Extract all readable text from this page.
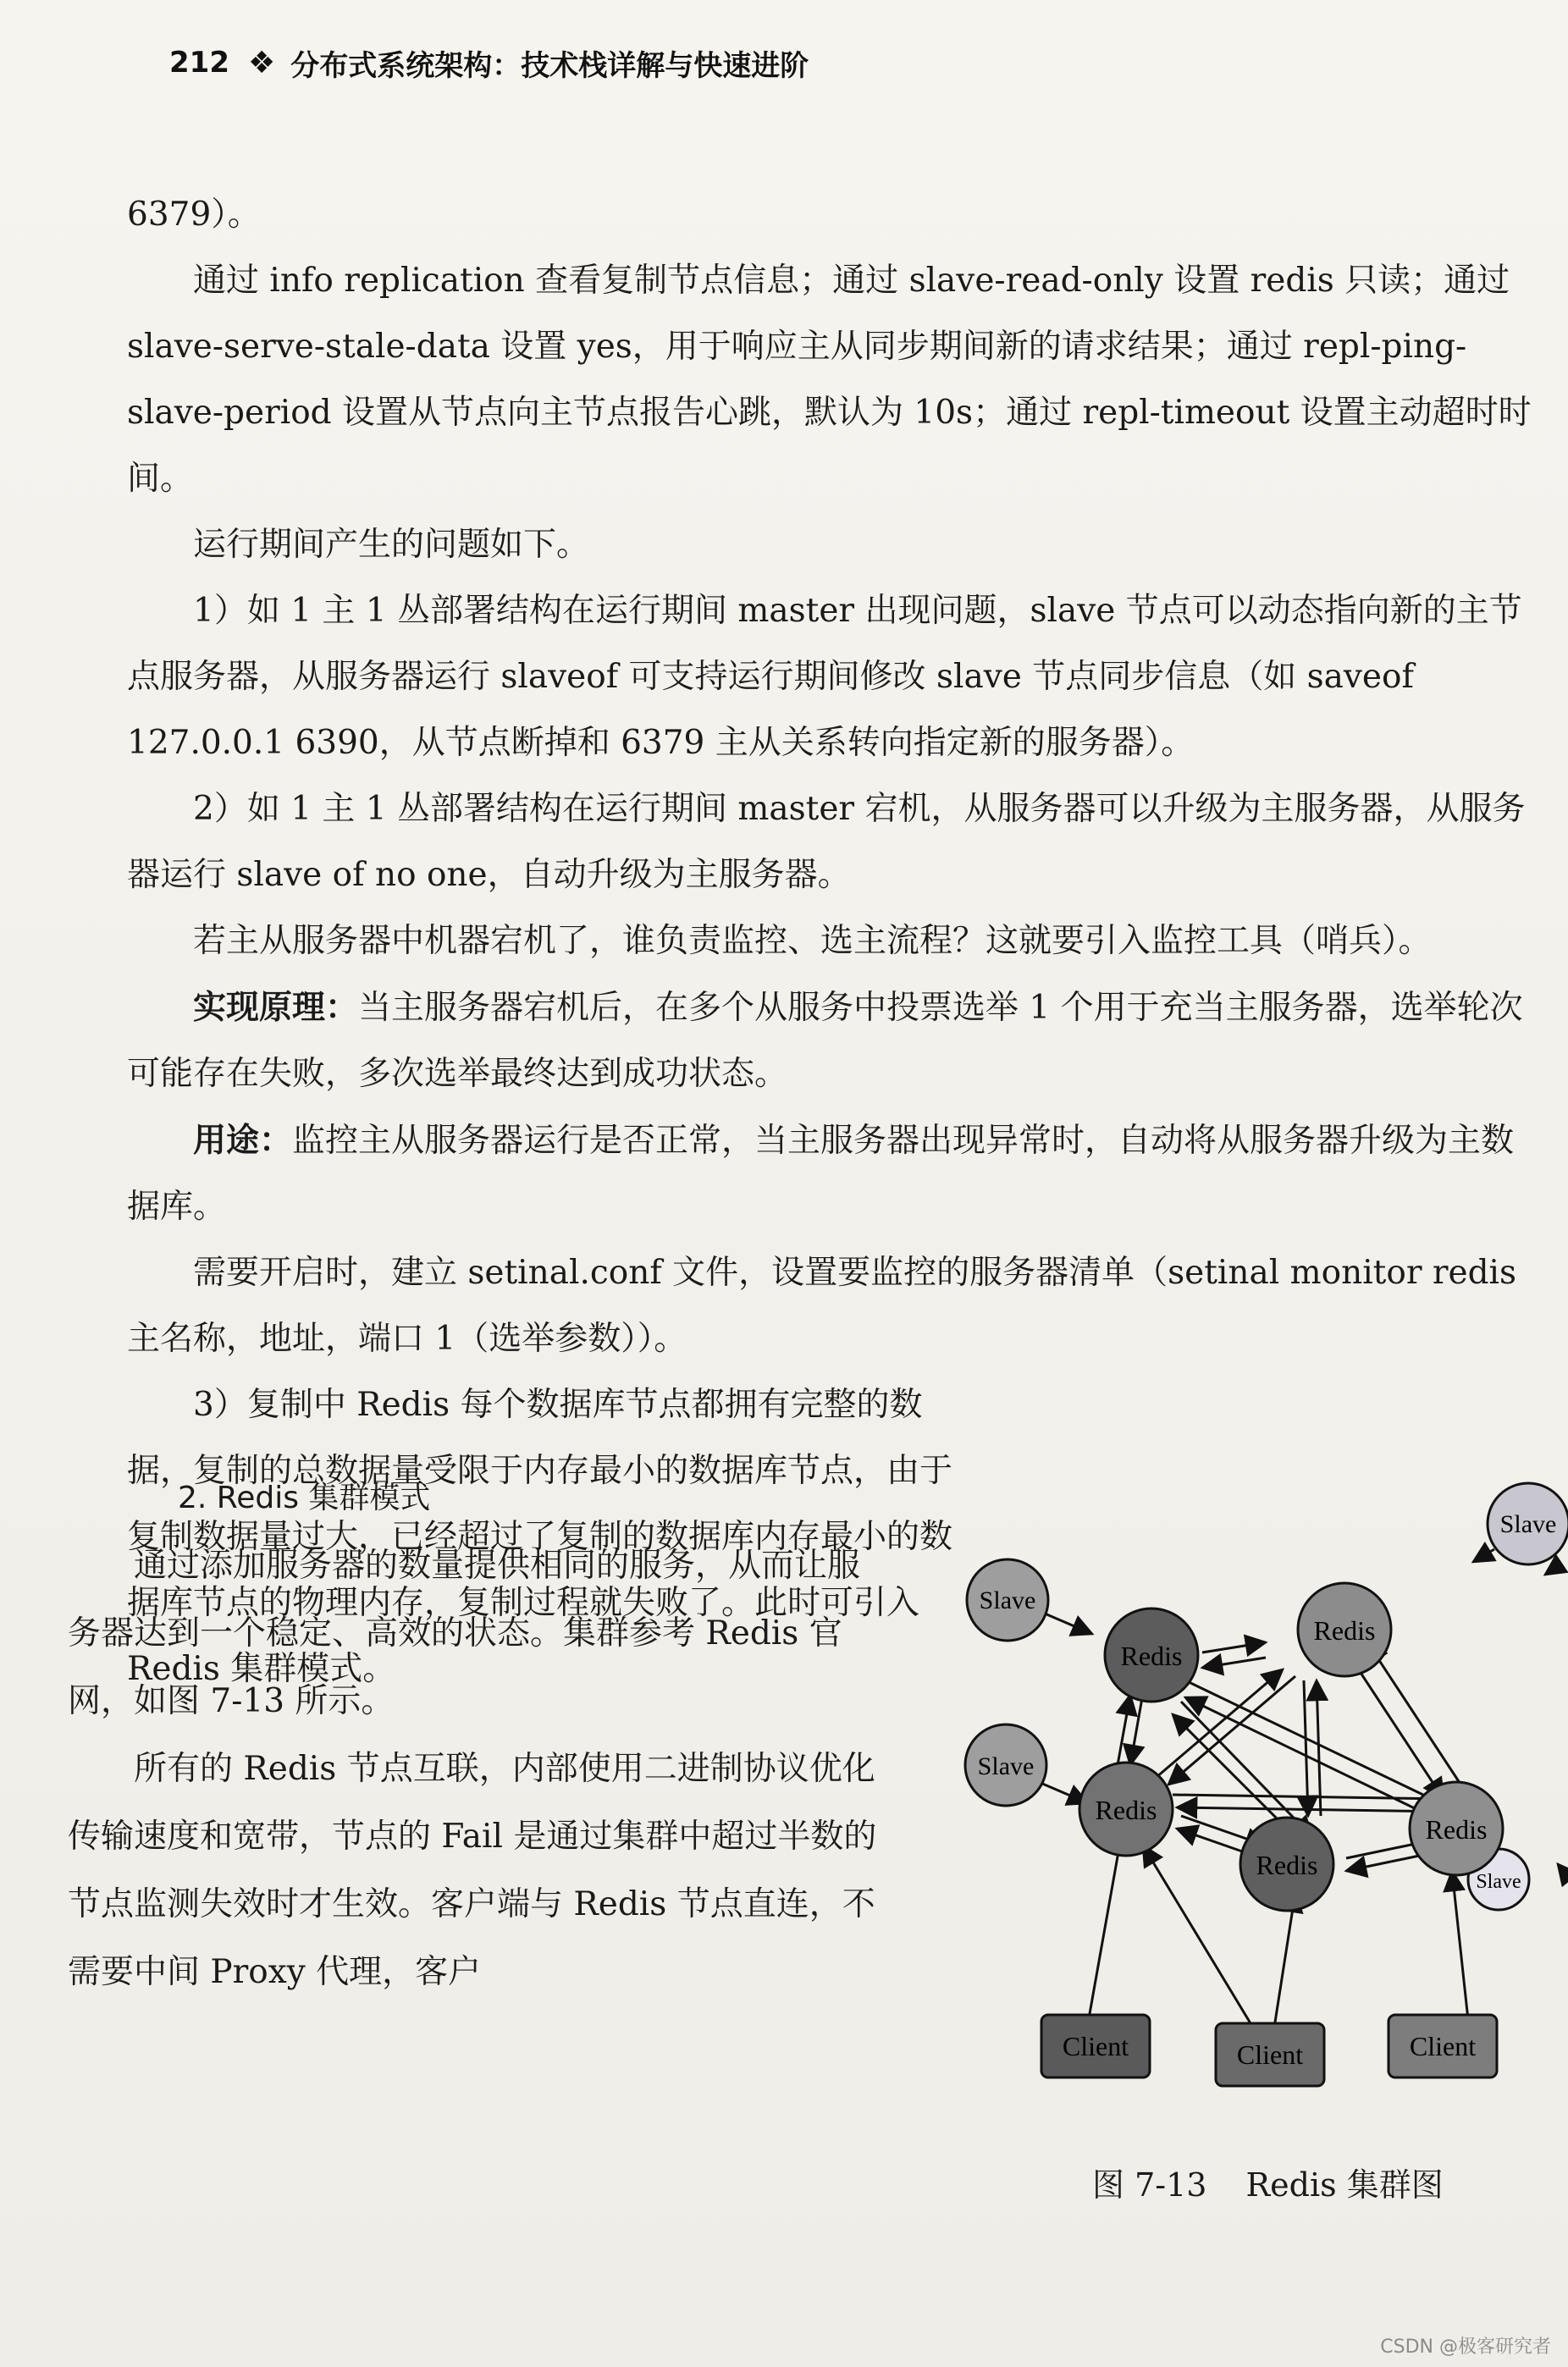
212 ❖ 分布式系统架构：技术栈详解与快速进阶

6379）。

通过 info replication 查看复制节点信息；通过 slave-read-only 设置 redis 只读；通过 slave-serve-stale-data 设置 yes，用于响应主从同步期间新的请求结果；通过 repl-ping-slave-period 设置从节点向主节点报告心跳，默认为 10s；通过 repl-timeout 设置主动超时时间。

运行期间产生的问题如下。

1）如 1 主 1 丛部署结构在运行期间 master 出现问题，slave 节点可以动态指向新的主节点服务器，从服务器运行 slaveof 可支持运行期间修改 slave 节点同步信息（如 saveof 127.0.0.1 6390，从节点断掉和 6379 主从关系转向指定新的服务器）。

2）如 1 主 1 丛部署结构在运行期间 master 宕机，从服务器可以升级为主服务器，从服务器运行 slave of no one，自动升级为主服务器。

若主从服务器中机器宕机了，谁负责监控、选主流程？这就要引入监控工具（哨兵）。

实现原理：当主服务器宕机后，在多个从服务中投票选举 1 个用于充当主服务器，选举轮次可能存在失败，多次选举最终达到成功状态。

用途：监控主从服务器运行是否正常，当主服务器出现异常时，自动将从服务器升级为主数据库。

需要开启时，建立 setinal.conf 文件，设置要监控的服务器清单（setinal monitor redis 主名称，地址，端口 1（选举参数））。

3）复制中 Redis 每个数据库节点都拥有完整的数据，复制的总数据量受限于内存最小的数据库节点，由于复制数据量过大，已经超过了复制的数据库内存最小的数据库节点的物理内存，复制过程就失败了。此时可引入 Redis 集群模式。

2. Redis 集群模式

通过添加服务器的数量提供相同的服务，从而让服务器达到一个稳定、高效的状态。集群参考 Redis 官网，如图 7-13 所示。

所有的 Redis 节点互联，内部使用二进制协议优化传输速度和宽带，节点的 Fail 是通过集群中超过半数的节点监测失效时才生效。客户端与 Redis 节点直连，不需要中间 Proxy 代理，客户

Slave
Slave
Slave
Slave
Redis
Redis
Redis
Redis
Redis
Client	Client	Client
图 7-13 Redis 集群图
CSDN @极客研究者
